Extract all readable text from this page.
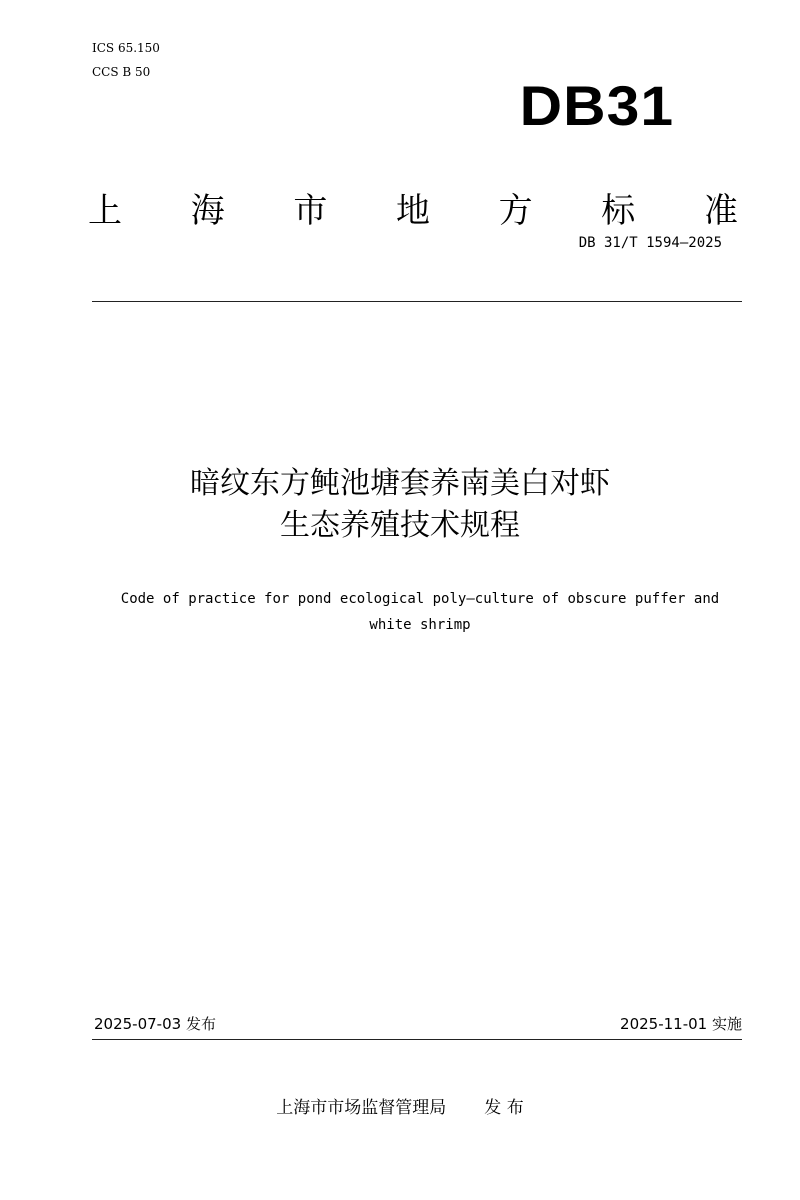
ICS 65.150
CCS B 50
DB31
上 海 市 地 方 标 准
DB 31/T 1594—2025
暗纹东方鲀池塘套养南美白对虾
生态养殖技术规程
Code of practice for pond ecological poly—culture of obscure puffer and
white shrimp
2025-07-03 发布	2025-11-01 实施
上海市市场监督管理局 发 布
